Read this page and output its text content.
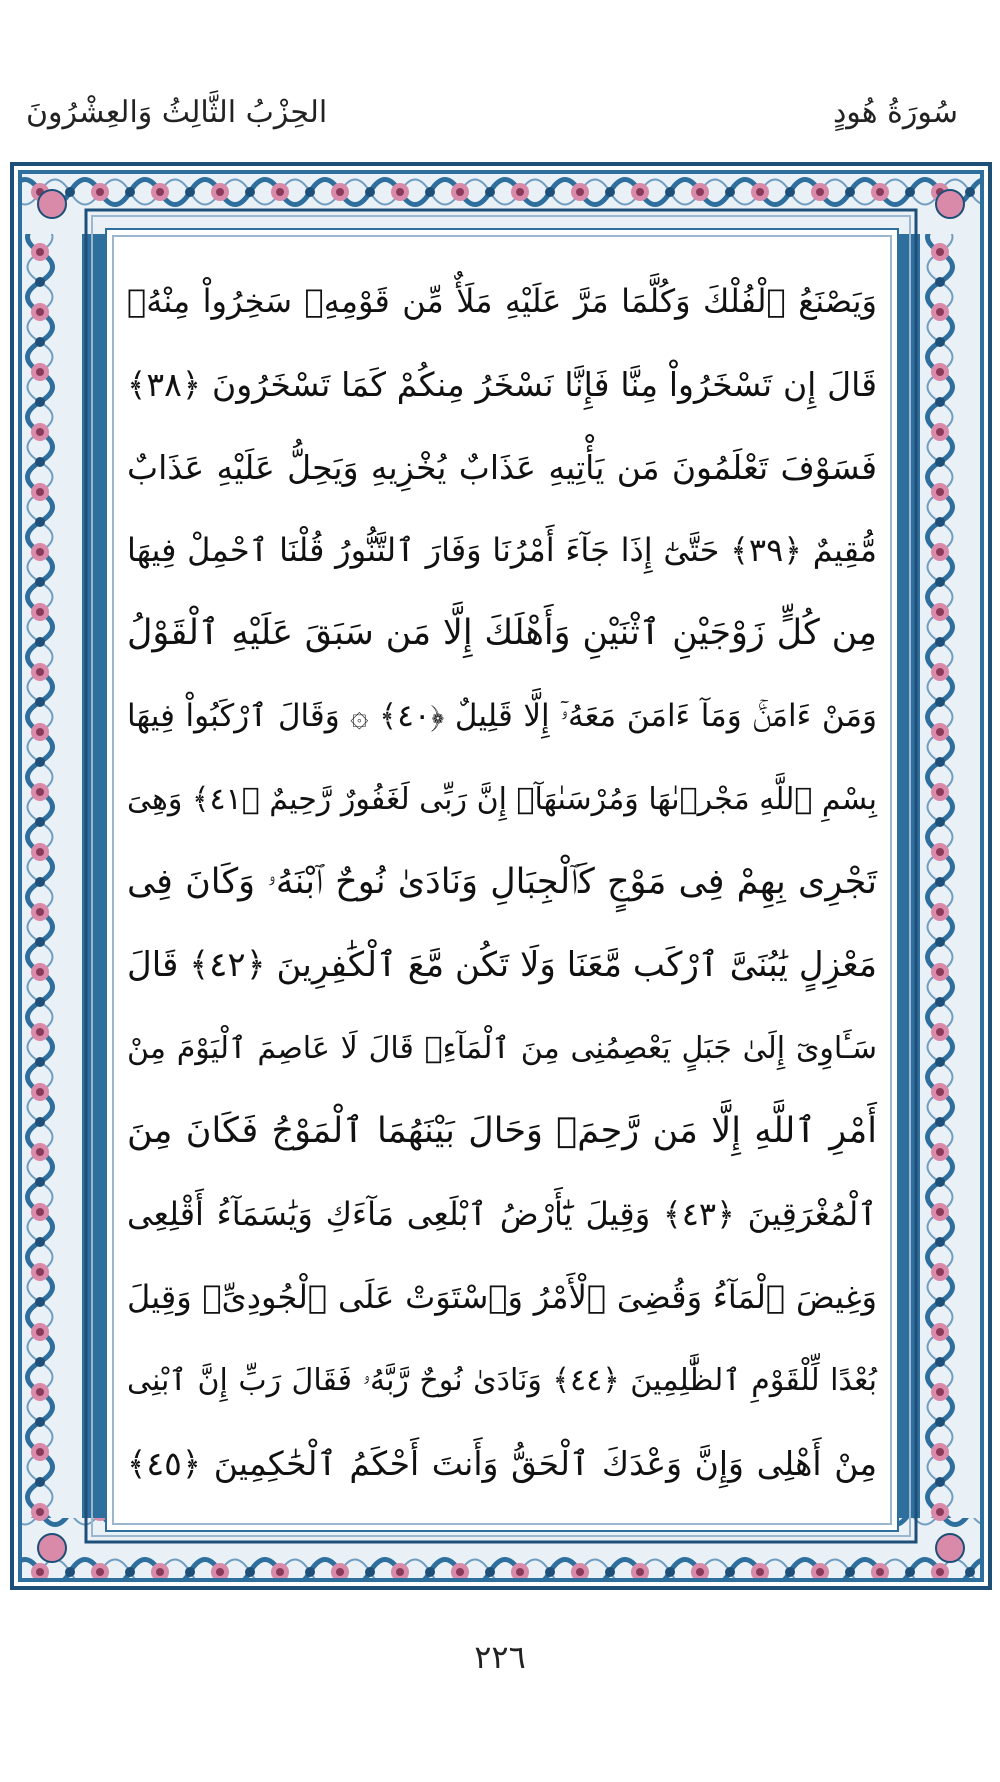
سُورَةُ هُودٍ
الحِزْبُ الثَّالِثُ وَالعِشْرُونَ
وَيَصْنَعُ ٱلْفُلْكَ وَكُلَّمَا مَرَّ عَلَيْهِ مَلَأٌ مِّن قَوْمِهِۦ سَخِرُواْ مِنْهُۚ
قَالَ إِن تَسْخَرُواْ مِنَّا فَإِنَّا نَسْخَرُ مِنكُمْ كَمَا تَسْخَرُونَ ﴿٣٨﴾
فَسَوْفَ تَعْلَمُونَ مَن يَأْتِيهِ عَذَابٌ يُخْزِيهِ وَيَحِلُّ عَلَيْهِ عَذَابٌ
مُّقِيمٌ ﴿٣٩﴾ حَتَّىٰٓ إِذَا جَآءَ أَمْرُنَا وَفَارَ ٱلتَّنُّورُ قُلْنَا ٱحْمِلْ فِيهَا
مِن كُلٍّ زَوْجَيْنِ ٱثْنَيْنِ وَأَهْلَكَ إِلَّا مَن سَبَقَ عَلَيْهِ ٱلْقَوْلُ
وَمَنْ ءَامَنَۚ وَمَآ ءَامَنَ مَعَهُۥٓ إِلَّا قَلِيلٌ ﴿٤٠﴾ ۞ وَقَالَ ٱرْكَبُواْ فِيهَا
بِسْمِ ٱللَّهِ مَجْر۪ىٰهَا وَمُرْسَىٰهَآۚ إِنَّ رَبِّى لَغَفُورٌ رَّحِيمٌ ﴿٤١﴾ وَهِىَ
تَجْرِى بِهِمْ فِى مَوْجٍ كَٱلْجِبَالِ وَنَادَىٰ نُوحٌ ٱبْنَهُۥ وَكَانَ فِى
مَعْزِلٍ يَٰبُنَىَّ ٱرْكَب مَّعَنَا وَلَا تَكُن مَّعَ ٱلْكَٰفِرِينَ ﴿٤٢﴾ قَالَ
سَـَٔاوِىٓ إِلَىٰ جَبَلٍ يَعْصِمُنِى مِنَ ٱلْمَآءِۚ قَالَ لَا عَاصِمَ ٱلْيَوْمَ مِنْ
أَمْرِ ٱللَّهِ إِلَّا مَن رَّحِمَۚ وَحَالَ بَيْنَهُمَا ٱلْمَوْجُ فَكَانَ مِنَ
ٱلْمُغْرَقِينَ ﴿٤٣﴾ وَقِيلَ يَٰٓأَرْضُ ٱبْلَعِى مَآءَكِ وَيَٰسَمَآءُ أَقْلِعِى
وَغِيضَ ٱلْمَآءُ وَقُضِىَ ٱلْأَمْرُ وَٱسْتَوَتْ عَلَى ٱلْجُودِىِّۖ وَقِيلَ
بُعْدًا لِّلْقَوْمِ ٱلظَّٰلِمِينَ ﴿٤٤﴾ وَنَادَىٰ نُوحٌ رَّبَّهُۥ فَقَالَ رَبِّ إِنَّ ٱبْنِى
مِنْ أَهْلِى وَإِنَّ وَعْدَكَ ٱلْحَقُّ وَأَنتَ أَحْكَمُ ٱلْحَٰكِمِينَ ﴿٤٥﴾
٢٢٦
